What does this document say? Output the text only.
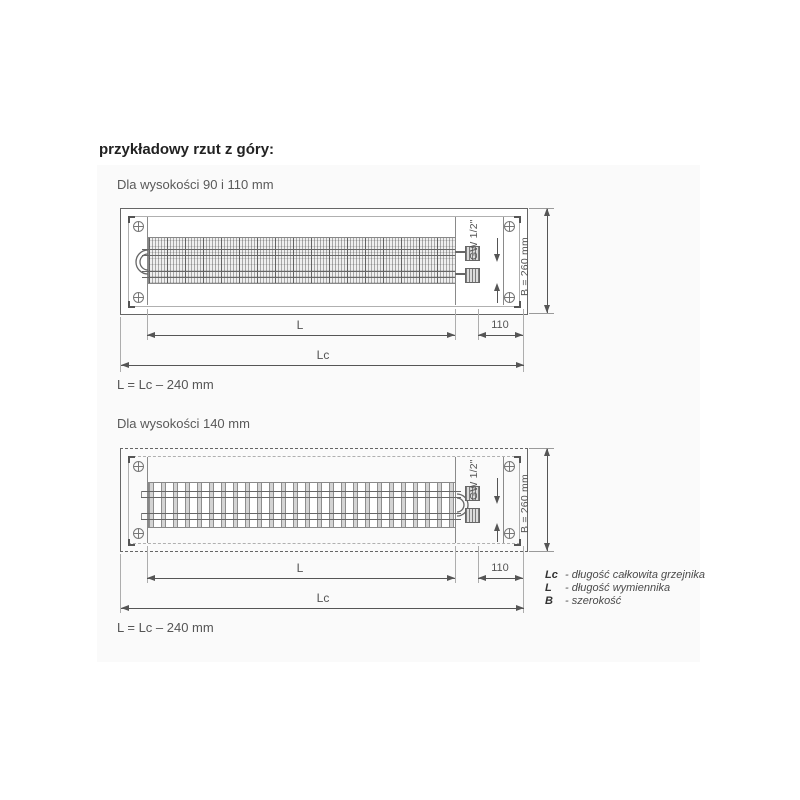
przykładowy rzut z góry:
Dla wysokości 90 i 110 mm
GW 1/2"	B = 260 mm
L	110
Lc
L = Lc – 240 mm
Dla wysokości 140 mm
GW 1/2"	B = 260 mm
L	110
Lc
L = Lc – 240 mm
Lc - długość całkowita grzejnika
L	- długość wymiennika
B	- szerokość
